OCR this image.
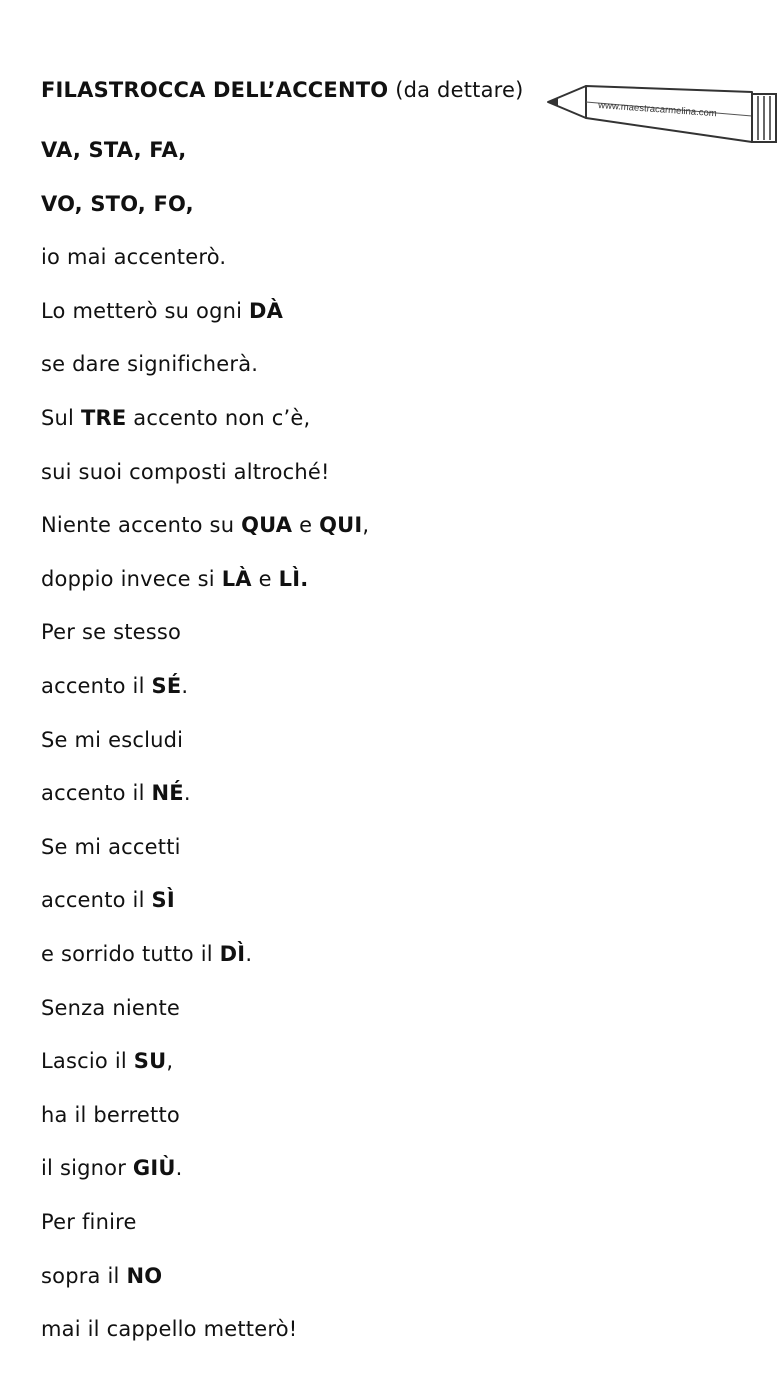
FILASTROCCA DELL’ACCENTO (da dettare)

www.maestracarmelina.com

VA, STA, FA,

VO, STO, FO,

io mai accenterò.

Lo metterò su ogni DÀ

se dare significherà.

Sul TRE accento non c’è,

sui suoi composti altroché!

Niente accento su QUA e QUI,

doppio invece si LÀ e LÌ.

Per se stesso

accento il SÉ.

Se mi escludi

accento il NÉ.

Se mi accetti

accento il SÌ

e sorrido tutto il DÌ.

Senza niente

Lascio il SU,

ha il berretto

il signor GIÙ.

Per finire

sopra il NO

mai il cappello metterò!
